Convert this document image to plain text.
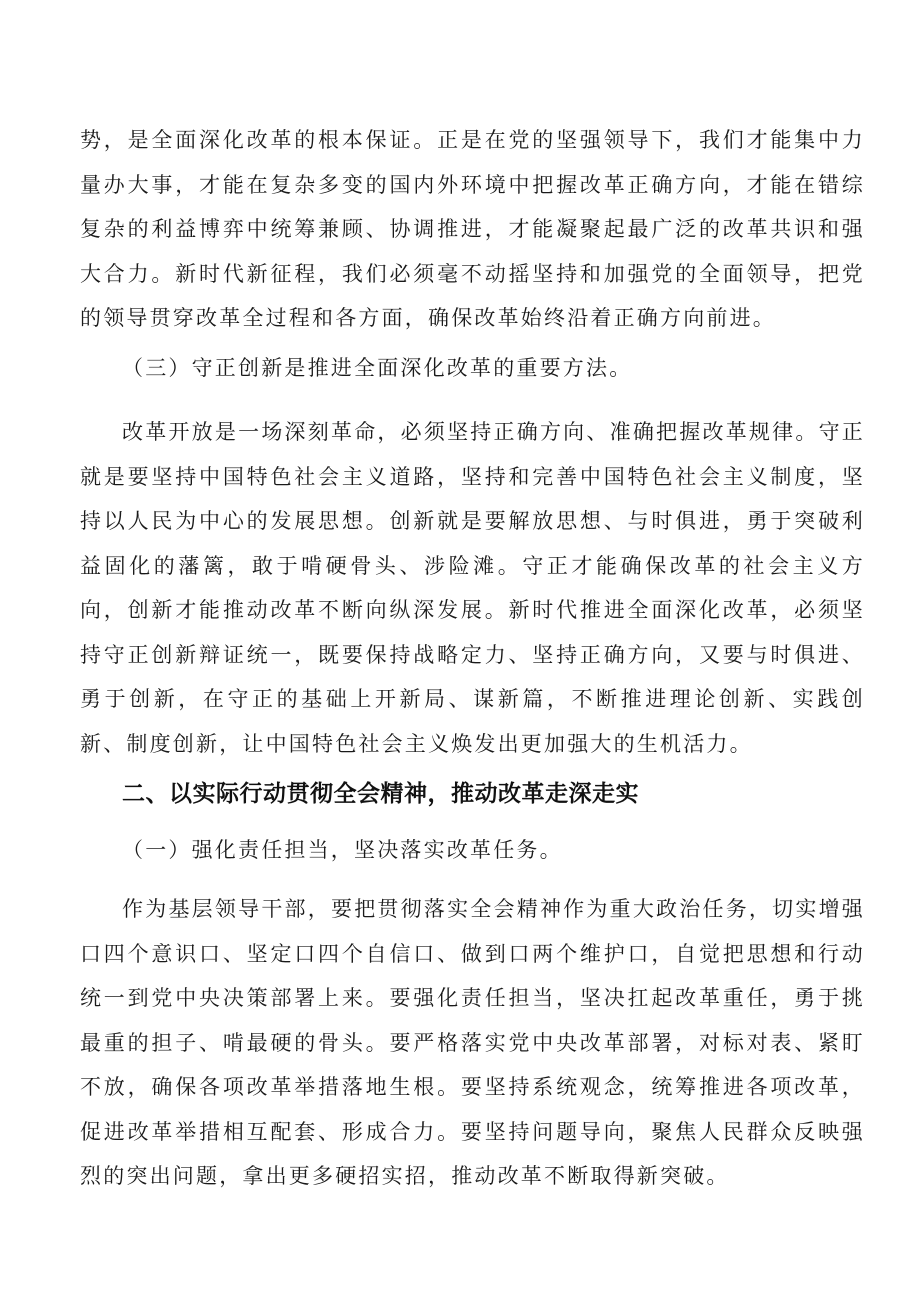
势，是全面深化改革的根本保证。正是在党的坚强领导下，我们才能集中力量办大事，才能在复杂多变的国内外环境中把握改革正确方向，才能在错综复杂的利益博弈中统筹兼顾、协调推进，才能凝聚起最广泛的改革共识和强大合力。新时代新征程，我们必须毫不动摇坚持和加强党的全面领导，把党的领导贯穿改革全过程和各方面，确保改革始终沿着正确方向前进。

（三）守正创新是推进全面深化改革的重要方法。

改革开放是一场深刻革命，必须坚持正确方向、准确把握改革规律。守正就是要坚持中国特色社会主义道路，坚持和完善中国特色社会主义制度，坚持以人民为中心的发展思想。创新就是要解放思想、与时俱进，勇于突破利益固化的藩篱，敢于啃硬骨头、涉险滩。守正才能确保改革的社会主义方向，创新才能推动改革不断向纵深发展。新时代推进全面深化改革，必须坚持守正创新辩证统一，既要保持战略定力、坚持正确方向，又要与时俱进、勇于创新，在守正的基础上开新局、谋新篇，不断推进理论创新、实践创新、制度创新，让中国特色社会主义焕发出更加强大的生机活力。

二、以实际行动贯彻全会精神，推动改革走深走实

（一）强化责任担当，坚决落实改革任务。

作为基层领导干部，要把贯彻落实全会精神作为重大政治任务，切实增强口四个意识口、坚定口四个自信口、做到口两个维护口，自觉把思想和行动统一到党中央决策部署上来。要强化责任担当，坚决扛起改革重任，勇于挑最重的担子、啃最硬的骨头。要严格落实党中央改革部署，对标对表、紧盯不放，确保各项改革举措落地生根。要坚持系统观念，统筹推进各项改革，促进改革举措相互配套、形成合力。要坚持问题导向，聚焦人民群众反映强烈的突出问题，拿出更多硬招实招，推动改革不断取得新突破。
